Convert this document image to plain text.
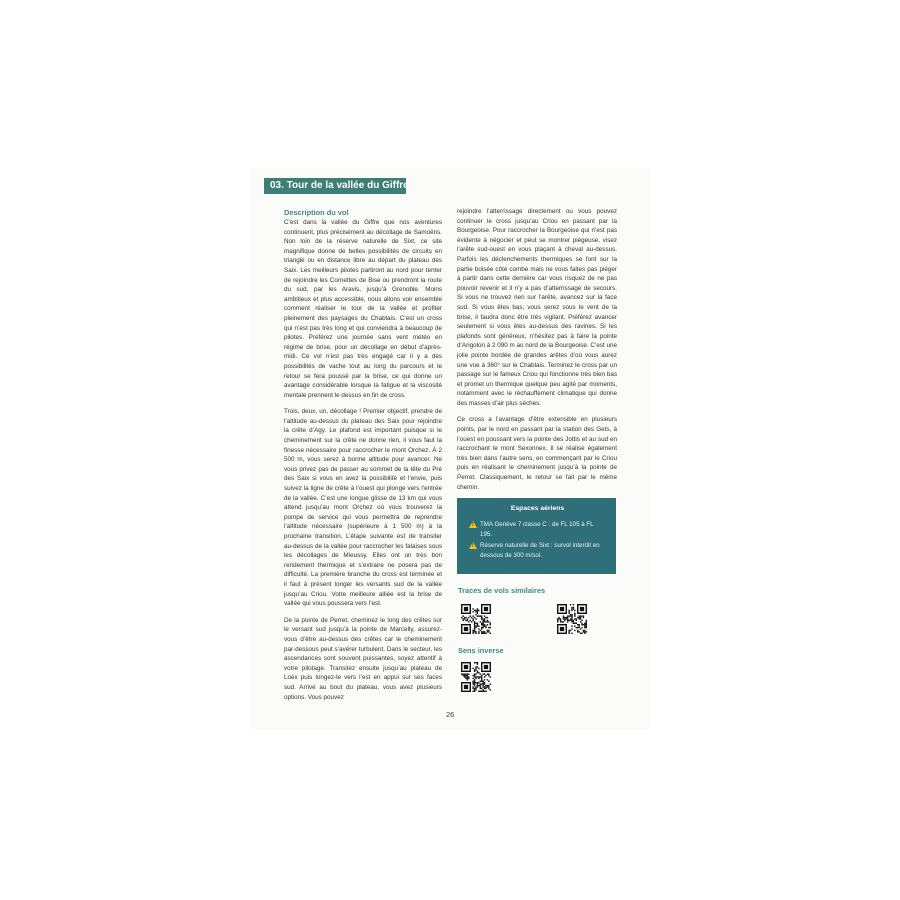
03. Tour de la vallée du Giffre
Description du vol

C’est dans la vallée du Giffre que nos aventures continuent, plus précisément au décollage de Samoëns. Non loin de la réserve naturelle de Sixt, ce site magnifique donne de belles possibilités de circuits en triangle ou en distance libre au départ du plateau des Saix. Les meilleurs pilotes partiront au nord pour tenter de rejoindre les Cornettes de Bise ou prendront la route du sud, par les Aravis, jusqu’à Grenoble. Moins ambitieux et plus accessible, nous allons voir ensemble comment réaliser le tour de la vallée et profiter pleinement des paysages du Chablais. C’est un cross qui n’est pas très long et qui conviendra à beaucoup de pilotes. Préférez une journée sans vent météo en régime de brise, pour un décollage en début d’après-midi. Ce vol n’est pas très engagé car il y a des possibilités de vache tout au long du parcours et le retour se fera poussé par la brise, ce qui donne un avantage considérable lorsque la fatigue et la viscosité mentale prennent le dessus en fin de cross.

Trois, deux, un, décollage ! Premier objectif, prendre de l’altitude au-dessus du plateau des Saix pour rejoindre la crête d’Agy. Le plafond est important puisque si le cheminement sur la crête ne donne rien, il vous faut la finesse nécessaire pour raccrocher le mont Orchez. À 2 500 m, vous serez à bonne altitude pour avancer. Ne vous privez pas de passer au sommet de la tête du Pré des Saix si vous en avez la possibilité et l’envie, puis suivez la ligne de crête à l’ouest qui plonge vers l’entrée de la vallée. C’est une longue glisse de 13 km qui vous attend jusqu’au mont Orchez où vous trouverez la pompe de service qui vous permettra de reprendre l’altitude nécessaire (supérieure à 1 500 m) à la prochaine transition. L’étape suivante est de transiter au-dessus de la vallée pour raccrocher les falaises sous les décollages de Mieussy. Elles ont un très bon rendement thermique et s’extraire ne posera pas de difficulté. La première branche du cross est terminée et il faut à présent longer les versants sud de la vallée jusqu’au Criou. Votre meilleure alliée est la brise de vallée qui vous poussera vers l’est.

De la pointe de Perret, cheminez le long des crêtes sur le versant sud jusqu’à la pointe de Marcelly, assurez-vous d’être au-dessus des crêtes car le cheminement par-dessous peut s’avérer turbulent. Dans le secteur, les ascendances sont souvent puissantes, soyez attentif à votre pilotage. Transitez ensuite jusqu’au plateau de Loex puis longez-le vers l’est en appui sur ses faces sud. Arrivé au bout du plateau, vous avez plusieurs options. Vous pouvez

rejoindre l’atterrissage directement ou vous pouvez continuer le cross jusqu’au Criou en passant par la Bourgeoise. Pour raccrocher la Bourgeoise qui n’est pas évidente à négocier et peut se montrer piégeuse, visez l’arête sud-ouest en vous plaçant à cheval au-dessus. Parfois les déclenchements thermiques se font sur la partie boisée côté combe mais ne vous faites pas piéger à partir dans cette dernière car vous risquez de ne pas pouvoir revenir et il n’y a pas d’atterrissage de secours. Si vous ne trouvez rien sur l’arête, avancez sur la face sud. Si vous êtes bas, vous serez sous le vent de la brise, il faudra donc être très vigilant. Préférez avancer seulement si vous êtes au-dessus des ravines. Si les plafonds sont généreux, n’hésitez pas à faire la pointe d’Angolon à 2 090 m au nord de la Bourgeoise. C’est une jolie pointe bordée de grandes arêtes d’où vous aurez une vue à 360° sur le Chablais. Terminez le cross par un passage sur le fameux Criou qui fonctionne très bien bas et promet un thermique quelque peu agité par moments, notamment avec le réchauffement climatique qui donne des masses d’air plus sèches.

Ce cross a l’avantage d’être extensible en plusieurs points, par le nord en passant par la station des Gets, à l’ouest en poussant vers la pointe des Jottis et au sud en raccrochant le mont Sexonnex. Il se réalise également très bien dans l’autre sens, en commençant par le Criou puis en réalisant le cheminement jusqu’à la pointe de Perret. Classiquement, le retour se fait par le même chemin.

Espaces aériens
!
TMA Genève 7 classe C : de FL 105 à FL 195.
!
Réserve naturelle de Sixt : survol interdit en dessous de 300 m/sol.
Traces de vols similaires
Sens inverse
26
